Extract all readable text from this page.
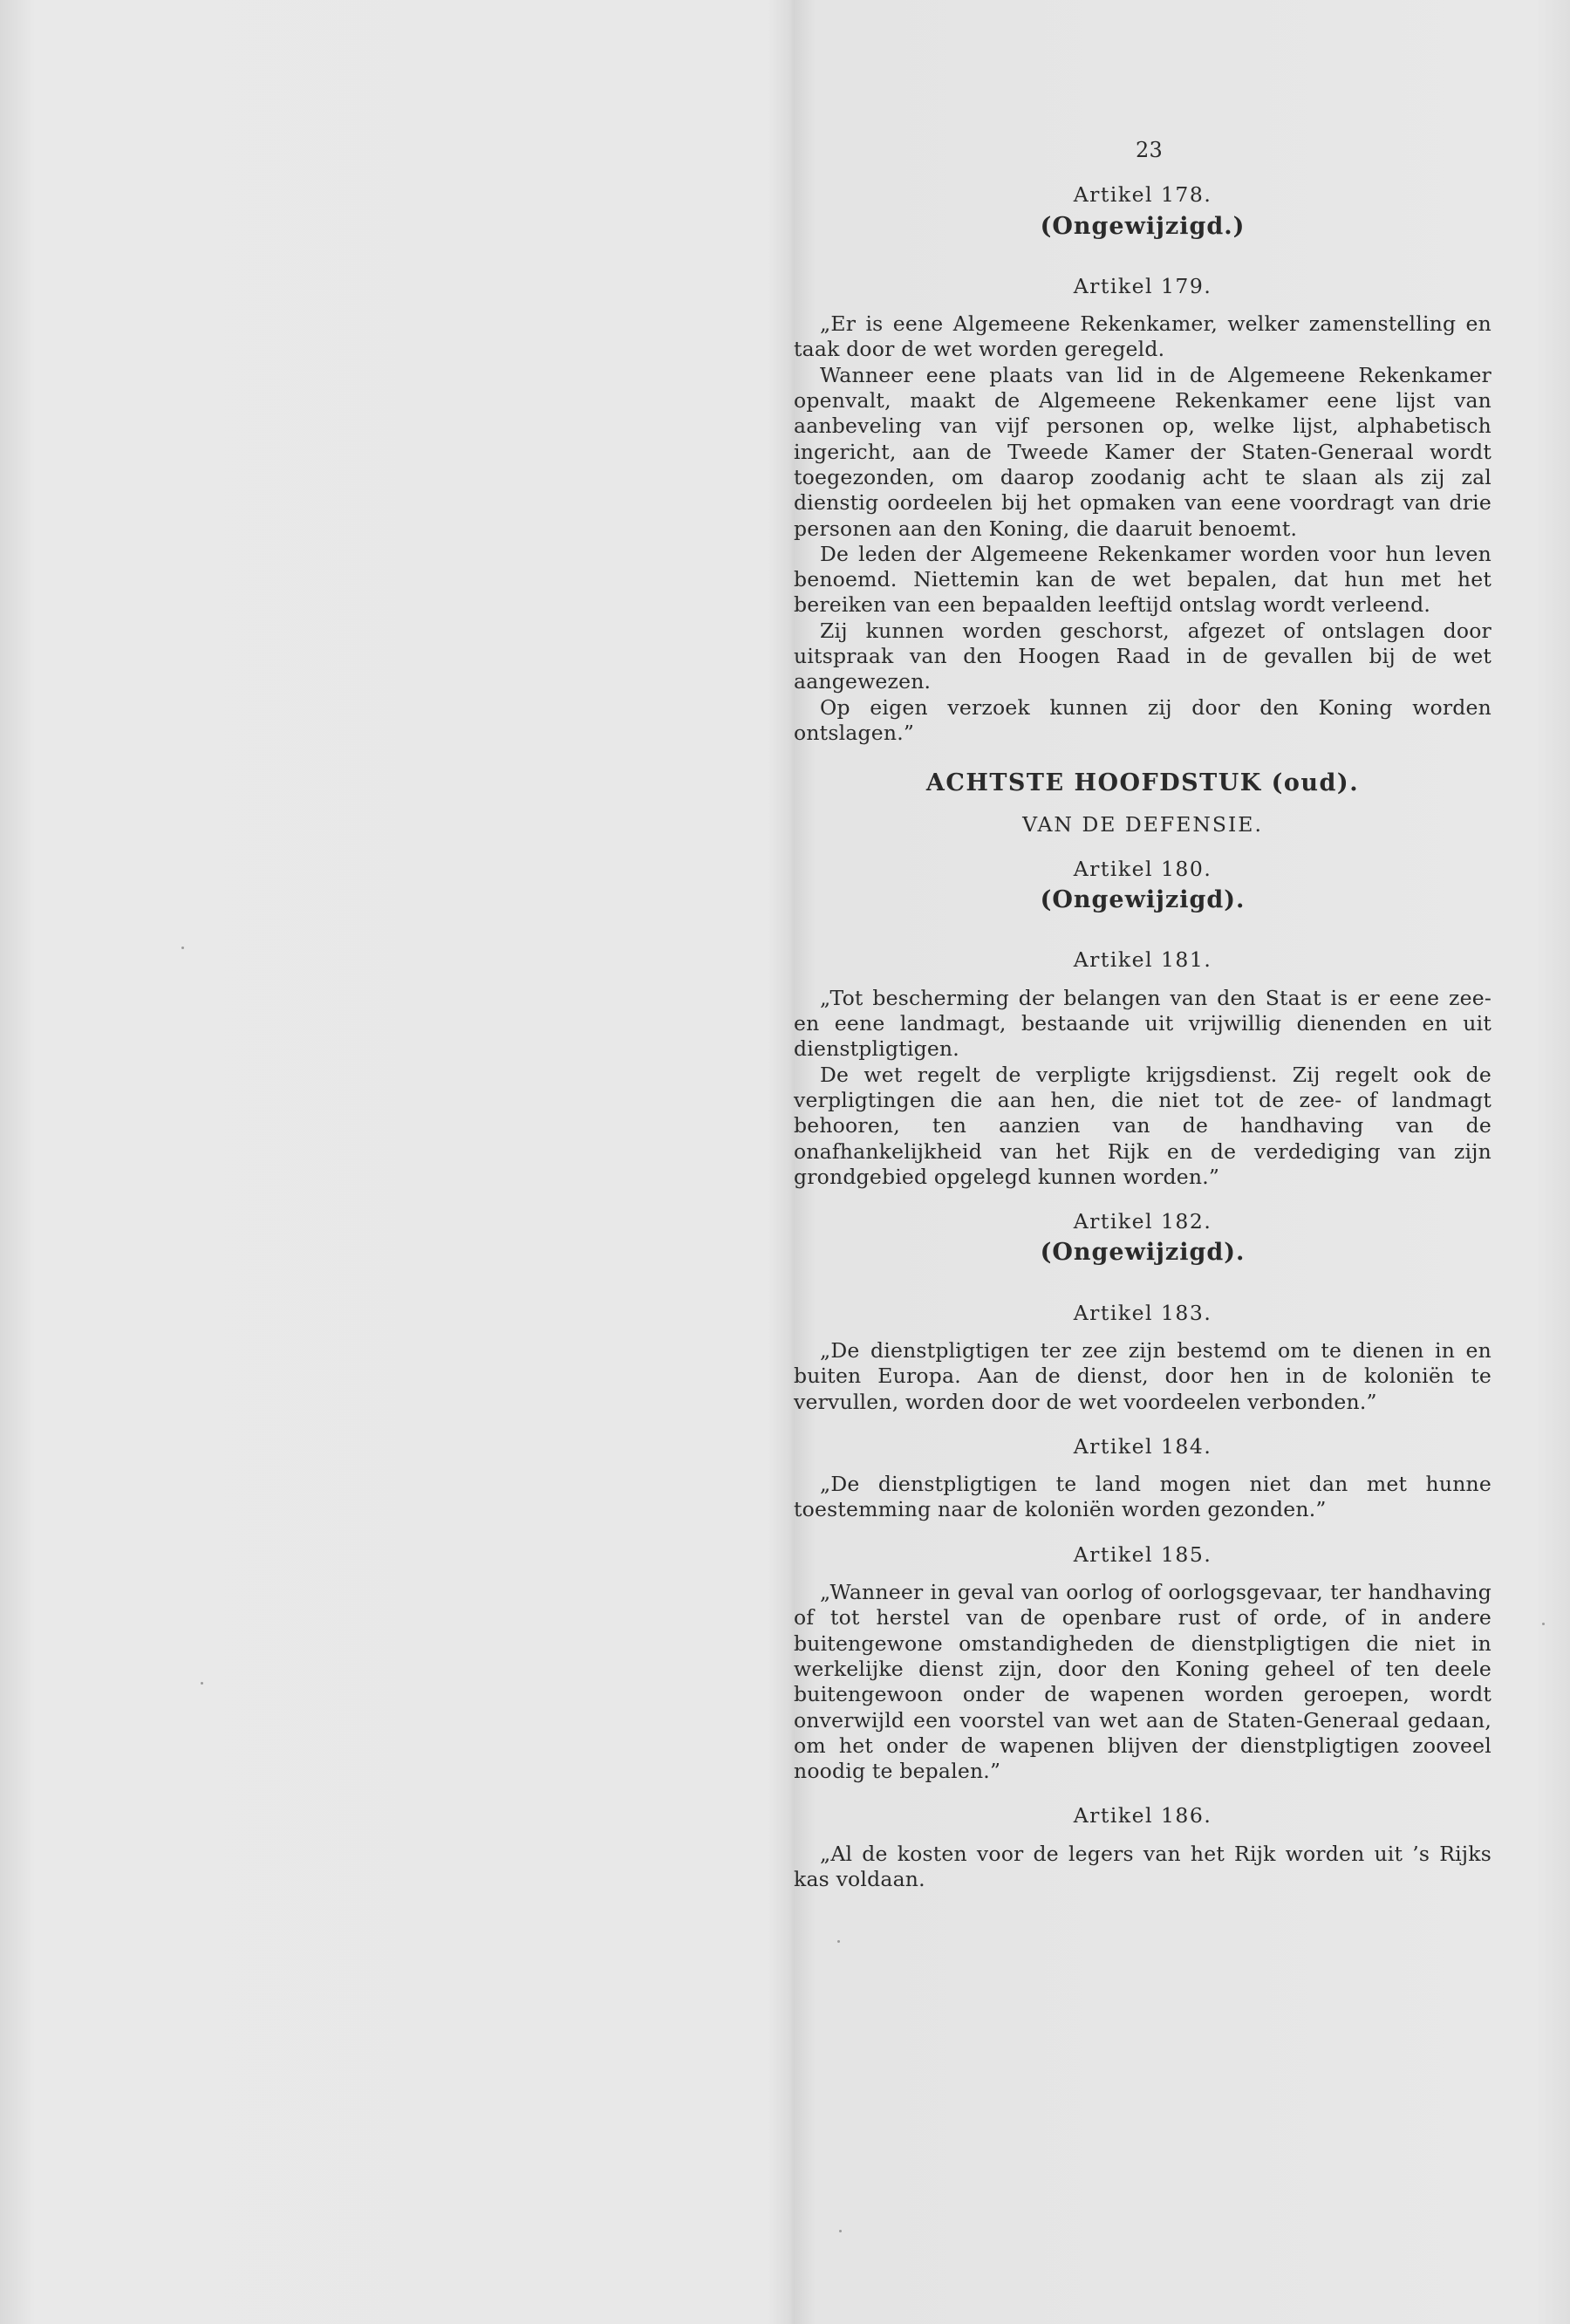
23
Artikel 178.
(Ongewijzigd.)
Artikel 179.

„Er is eene Algemeene Rekenkamer, welker zamenstelling en taak door de wet worden geregeld.

Wanneer eene plaats van lid in de Algemeene Rekenkamer openvalt, maakt de Algemeene Rekenkamer eene lijst van aanbeveling van vijf personen op, welke lijst, alphabetisch ingericht, aan de Tweede Kamer der Staten-Generaal wordt toegezonden, om daarop zoodanig acht te slaan als zij zal dienstig oordeelen bij het opmaken van eene voordragt van drie personen aan den Koning, die daaruit benoemt.

De leden der Algemeene Rekenkamer worden voor hun leven benoemd. Niettemin kan de wet bepalen, dat hun met het bereiken van een bepaalden leeftijd ontslag wordt verleend.

Zij kunnen worden geschorst, afgezet of ontslagen door uitspraak van den Hoogen Raad in de gevallen bij de wet aangewezen.

Op eigen verzoek kunnen zij door den Koning worden ontslagen.”

ACHTSTE HOOFDSTUK (oud).
VAN DE DEFENSIE.
Artikel 180.
(Ongewijzigd).
Artikel 181.

„Tot bescherming der belangen van den Staat is er eene zee- en eene landmagt, bestaande uit vrijwillig dienenden en uit dienstpligtigen.

De wet regelt de verpligte krijgsdienst. Zij regelt ook de verpligtingen die aan hen, die niet tot de zee- of landmagt behooren, ten aanzien van de handhaving van de onafhankelijkheid van het Rijk en de verdediging van zijn grondgebied opgelegd kunnen worden.”

Artikel 182.
(Ongewijzigd).
Artikel 183.

„De dienstpligtigen ter zee zijn bestemd om te dienen in en buiten Europa. Aan de dienst, door hen in de koloniën te vervullen, worden door de wet voordeelen verbonden.”

Artikel 184.

„De dienstpligtigen te land mogen niet dan met hunne toestemming naar de koloniën worden gezonden.”

Artikel 185.

„Wanneer in geval van oorlog of oorlogsgevaar, ter handhaving of tot herstel van de openbare rust of orde, of in andere buitengewone omstandigheden de dienstpligtigen die niet in werkelijke dienst zijn, door den Koning geheel of ten deele buitengewoon onder de wapenen worden geroepen, wordt onverwijld een voorstel van wet aan de Staten-Generaal gedaan, om het onder de wapenen blijven der dienstpligtigen zooveel noodig te bepalen.”

Artikel 186.

„Al de kosten voor de legers van het Rijk worden uit ’s Rijks kas voldaan.
